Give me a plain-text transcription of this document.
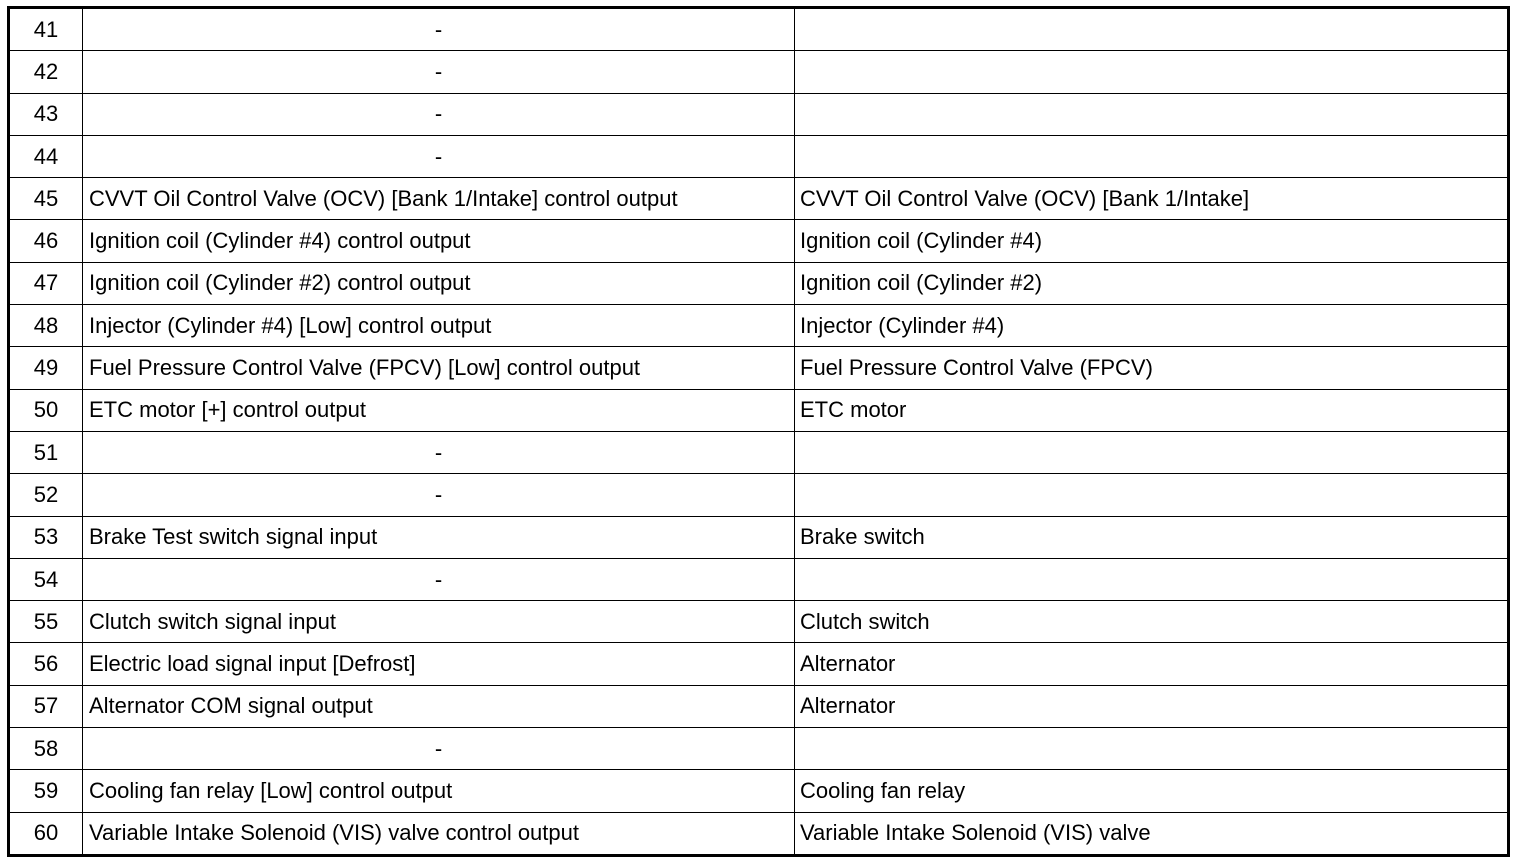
41	-	
42	-	
43	-	
44	-	
45	CVVT Oil Control Valve (OCV) [Bank 1/Intake] control output	CVVT Oil Control Valve (OCV) [Bank 1/Intake]
46	Ignition coil (Cylinder #4) control output	Ignition coil (Cylinder #4)
47	Ignition coil (Cylinder #2) control output	Ignition coil (Cylinder #2)
48	Injector (Cylinder #4) [Low] control output	Injector (Cylinder #4)
49	Fuel Pressure Control Valve (FPCV) [Low] control output	Fuel Pressure Control Valve (FPCV)
50	ETC motor [+] control output	ETC motor
51	-	
52	-	
53	Brake Test switch signal input	Brake switch
54	-	
55	Clutch switch signal input	Clutch switch
56	Electric load signal input [Defrost]	Alternator
57	Alternator COM signal output	Alternator
58	-	
59	Cooling fan relay [Low] control output	Cooling fan relay
60	Variable Intake Solenoid (VIS) valve control output	Variable Intake Solenoid (VIS) valve
